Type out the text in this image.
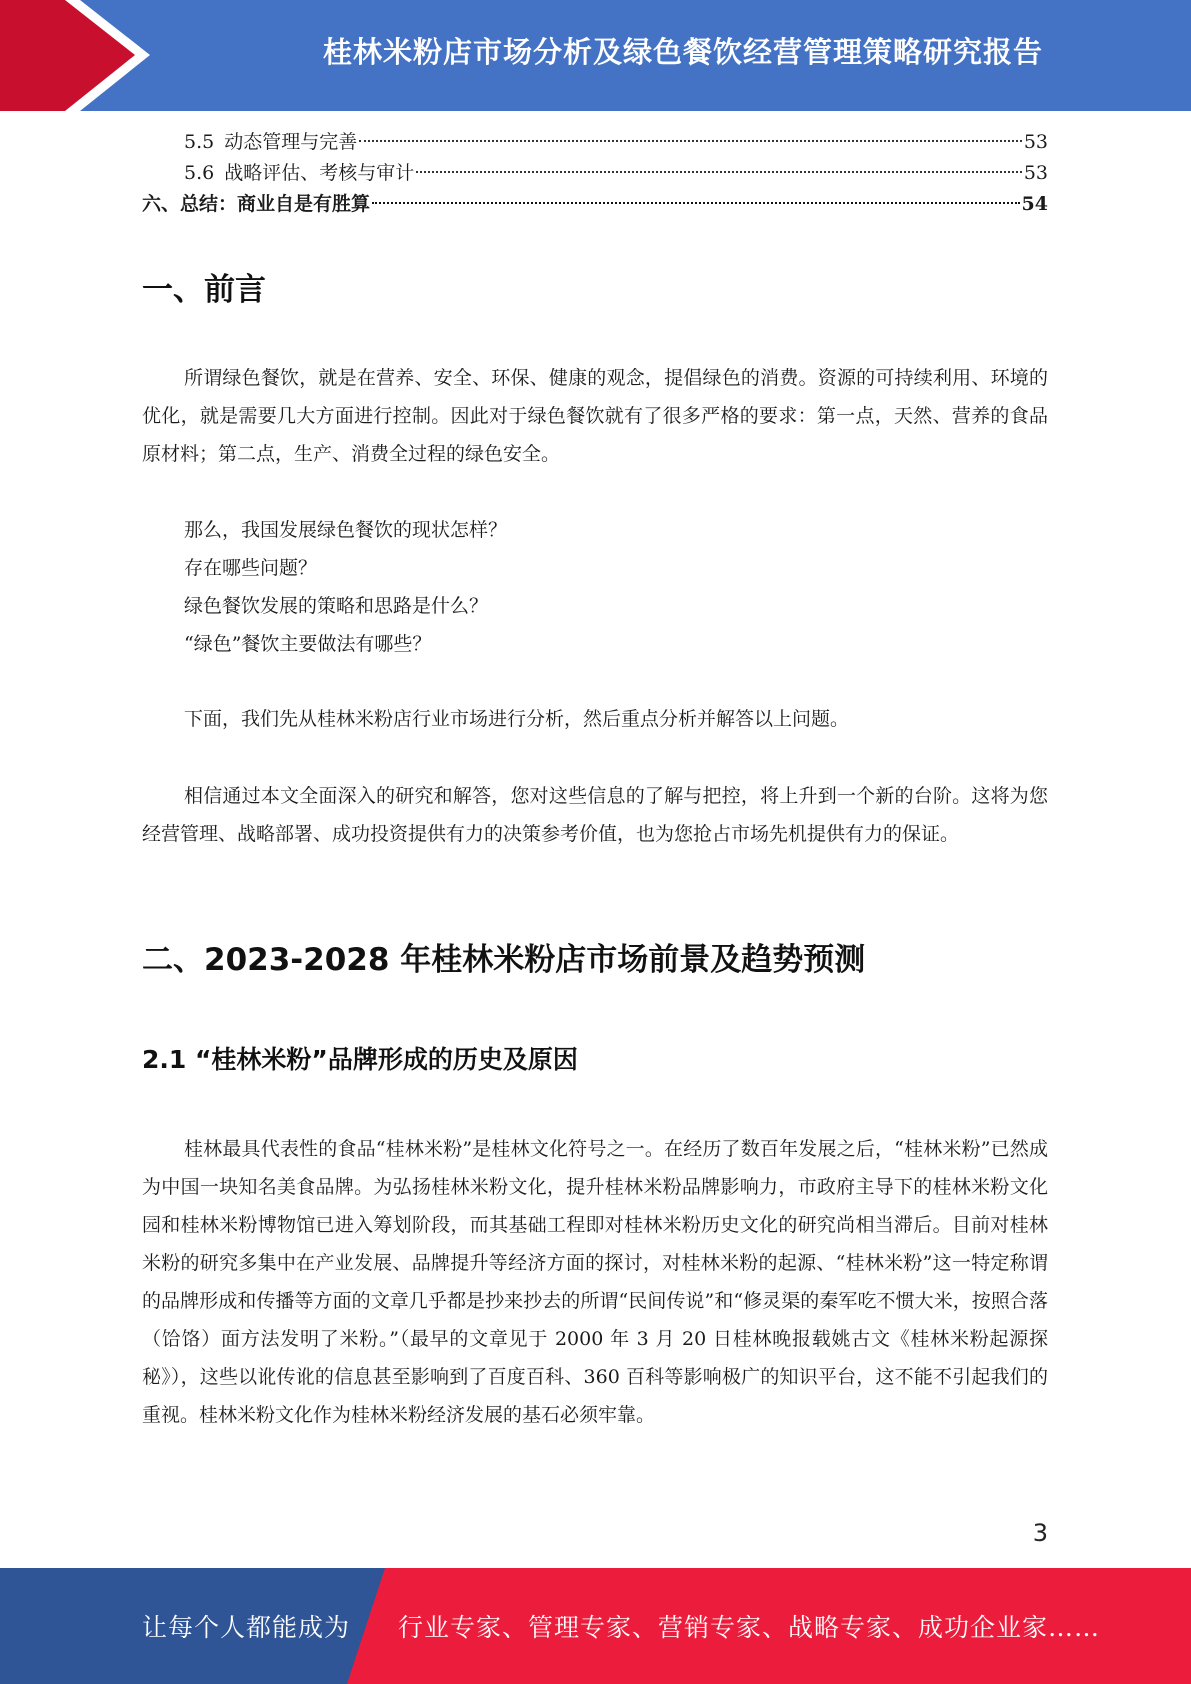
桂林米粉店市场分析及绿色餐饮经营管理策略研究报告
5.5 动态管理与完善	53
5.6 战略评估、考核与审计	53
六、总结：商业自是有胜算	54
一、前言

所谓绿色餐饮，就是在营养、安全、环保、健康的观念，提倡绿色的消费。资源的可持续利用、环境的优化，就是需要几大方面进行控制。因此对于绿色餐饮就有了很多严格的要求：第一点，天然、营养的食品原材料；第二点，生产、消费全过程的绿色安全。

那么，我国发展绿色餐饮的现状怎样？

存在哪些问题？

绿色餐饮发展的策略和思路是什么？

“绿色”餐饮主要做法有哪些？

下面，我们先从桂林米粉店行业市场进行分析，然后重点分析并解答以上问题。

相信通过本文全面深入的研究和解答，您对这些信息的了解与把控，将上升到一个新的台阶。这将为您经营管理、战略部署、成功投资提供有力的决策参考价值，也为您抢占市场先机提供有力的保证。

二、2023-2028 年桂林米粉店市场前景及趋势预测
2.1 “桂林米粉”品牌形成的历史及原因

桂林最具代表性的食品“桂林米粉”是桂林文化符号之一。在经历了数百年发展之后，“桂林米粉”已然成为中国一块知名美食品牌。为弘扬桂林米粉文化，提升桂林米粉品牌影响力，市政府主导下的桂林米粉文化园和桂林米粉博物馆已进入筹划阶段，而其基础工程即对桂林米粉历史文化的研究尚相当滞后。目前对桂林米粉的研究多集中在产业发展、品牌提升等经济方面的探讨，对桂林米粉的起源、“桂林米粉”这一特定称谓的品牌形成和传播等方面的文章几乎都是抄来抄去的所谓“民间传说”和“修灵渠的秦军吃不惯大米，按照合落（饸饹）面方法发明了米粉。”（最早的文章见于 2000 年 3 月 20 日桂林晚报载姚古文《桂林米粉起源探秘》），这些以讹传讹的信息甚至影响到了百度百科、360 百科等影响极广的知识平台，这不能不引起我们的重视。桂林米粉文化作为桂林米粉经济发展的基石必须牢靠。

3
让每个人都能成为 行业专家、管理专家、营销专家、战略专家、成功企业家……
